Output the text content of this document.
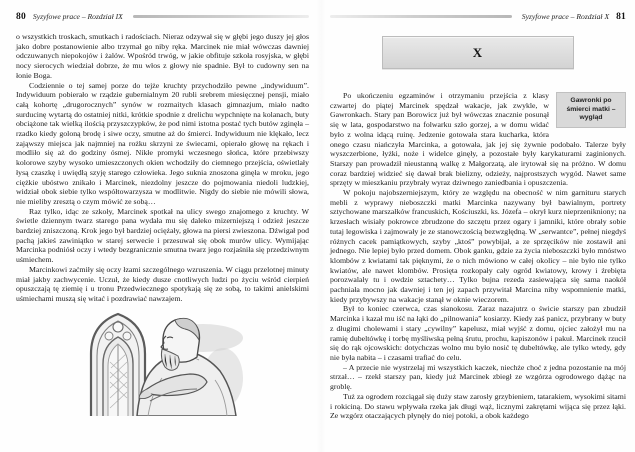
80 Syzyfowe prace – Rozdział IX

o wszystkich troskach, smutkach i radościach. Nieraz odzywał się w głębi jego duszy jej głos jako dobre postanowienie albo trzymał go niby ręka. Marcinek nie miał wówczas dawniej odczuwanych niepokojów i żalów. Wpośród trwóg, w jakie obfituje szkoła rosyjska, w głębi nocy sierocych wiedział dobrze, że mu włos z głowy nie spadnie. Był to cudowny sen na łonie Boga.

Codziennie o tej samej porze do tejże kruchty przychodziło pewne „indywiduum”. Indywiduum pobierało w rządzie gubernialnym 20 rubli srebrem miesięcznej pensji, miało całą kohortę „drugorocznych” synów w rozmaitych klasach gimnazjum, miało nadto surducinę wytartą do ostatniej nitki, krótkie spodnie z drelichu wypchnięte na kolanach, buty obciążone tak wielką ilością przyszczypków, że pod nimi istotna postać tych butów zginęła – rzadko kiedy goloną brodę i siwe oczy, smutne aż do śmierci. Indywiduum nie klękało, lecz zająwszy miejsca jak najmniej na rożku skrzyni ze świecami, opierało głowę na rękach i modliło się aż do godziny ósmej. Nikłe promyki wczesnego słońca, które przebiwszy kolorowe szyby wysoko umieszczonych okien wchodziły do ciemnego przejścia, oświetlały łysą czaszkę i uwiędłą szyję starego człowieka. Jego suknia znoszona ginęła w mroku, jego ciężkie ubóstwo znikało i Marcinek, niezdolny jeszcze do pojmowania niedoli ludzkiej, widział obok siebie tylko współtowarzysza w modlitwie. Nigdy do siebie nie mówili słowa, nie mieliby zresztą o czym mówić ze sobą…

Raz tylko, idąc ze szkoły, Marcinek spotkał na ulicy swego znajomego z kruchty. W świetle dziennym twarz starego pana wydała mu się daleko mizerniejszą i odzież jeszcze bardziej zniszczoną. Krok jego był bardziej ociężały, głowa na piersi zwieszona. Dźwigał pod pachą jakieś zawiniątko w starej serwecie i przesuwał się obok murów ulicy. Wymijając Marcinka podniósł oczy i wtedy bezgranicznie smutna twarz jego rozjaśniła się przedziwnym uśmiechem.

Marcinkowi zaćmiły się oczy łzami szczególnego wzruszenia. W ciągu przelotnej minuty miał jakby zachwycenie. Uczuł, że kiedy dusze cnotliwych ludzi po życiu wśród cierpień opuszczają tę ziemię i u tronu Przedwiecznego spotykają się ze sobą, to takimi anielskimi uśmiechami muszą się witać i pozdrawiać nawzajem.

Syzyfowe prace – Rozdział X 81
X
Gawronki po śmierci matki – wygląd

Po ukończeniu egzaminów i otrzymaniu przejścia z klasy czwartej do piątej Marcinek spędzał wakacje, jak zwykle, w Gawronkach. Stary pan Borowicz już był wówczas znacznie posunął się w lata, gospodarstwo na folwarku szło gorzej, a w domu widać było z wolna idącą ruinę. Jedzenie gotowała stara kucharka, która onego czasu niańczyła Marcinka, a gotowała, jak jej się żywnie podobało. Talerze były wyszczerbione, łyżki, noże i widelce ginęły, a pozostałe były karykaturami zaginionych. Starszy pan prowadził nieustanną walkę z Małgorzatą, ale irytował się na próżno. W domu coraz bardziej widzieć się dawał brak bielizny, odzieży, najprostszych wygód. Nawet same sprzęty w mieszkaniu przybrały wyraz dziwnego zaniedbania i opuszczenia.

W pokoju najobszerniejszym, który ze względu na obecność w nim garnituru starych mebli z wyprawy nieboszczki matki Marcinka nazywany był bawialnym, portrety sztychowane marszałków francuskich, Kościuszki, ks. Józefa – okrył kurz nieprzenikniony; na krzesłach wisiały pokrowce zbrudzone do szczętu przez ogary i jamniki, które obrały sobie tutaj legowiska i zajmowały je ze stanowczością bezwzględną. W „serwantce”, pełnej niegdyś różnych cacek pamiątkowych, szyby „ktoś” powybijał, a ze sprzęcików nie zostawił ani jednego. Nie lepiej było przed domem. Obok ganku, gdzie za życia nieboszczki było mnóstwo klombów z kwiatami tak pięknymi, że o nich mówiono w całej okolicy – nie było nie tylko kwiatów, ale nawet klombów. Prosięta rozkopały cały ogród kwiatowy, krowy i źrebięta porozwalały tu i owdzie sztachety… Tylko bujna rezeda zasiewająca się sama naokół pachniała mocno jak dawniej i ten jej zapach przywitał Marcina niby wspomnienie matki, kiedy przybywszy na wakacje stanął w oknie wieczorem.

Był to koniec czerwca, czas sianokosu. Zaraz nazajutrz o świcie starszy pan zbudził Marcinka i kazał mu iść na łąki do „pilnowania” kosiarzy. Kiedy zaś panicz, przybrany w buty z długimi cholewami i stary „cywilny” kapelusz, miał wyjść z domu, ojciec założył mu na ramię dubeltówkę i torbę myśliwską pełną śrutu, prochu, kapiszonów i pakuł. Marcinek rzucił się do rąk ojcowskich: dotychczas wolno mu było nosić tę dubeltówkę, ale tylko wtedy, gdy nie była nabita – i czasami trafiać do celu.

– A przecie nie wystrzelaj mi wszystkich kaczek, niechże choć z jedna pozostanie na mój strzał… – rzekł starszy pan, kiedy już Marcinek zbiegł ze wzgórza ogrodowego dążąc na groblę.

Tuż za ogrodem rozciągał się duży staw zarosły grzybieniem, tatarakiem, wysokimi sitami i rokiciną. Do stawu wpływała rzeka jak długi wąż, licznymi zakrętami wijąca się przez łąki. Ze wzgórz otaczających płynęły do niej potoki, a obok każdego
